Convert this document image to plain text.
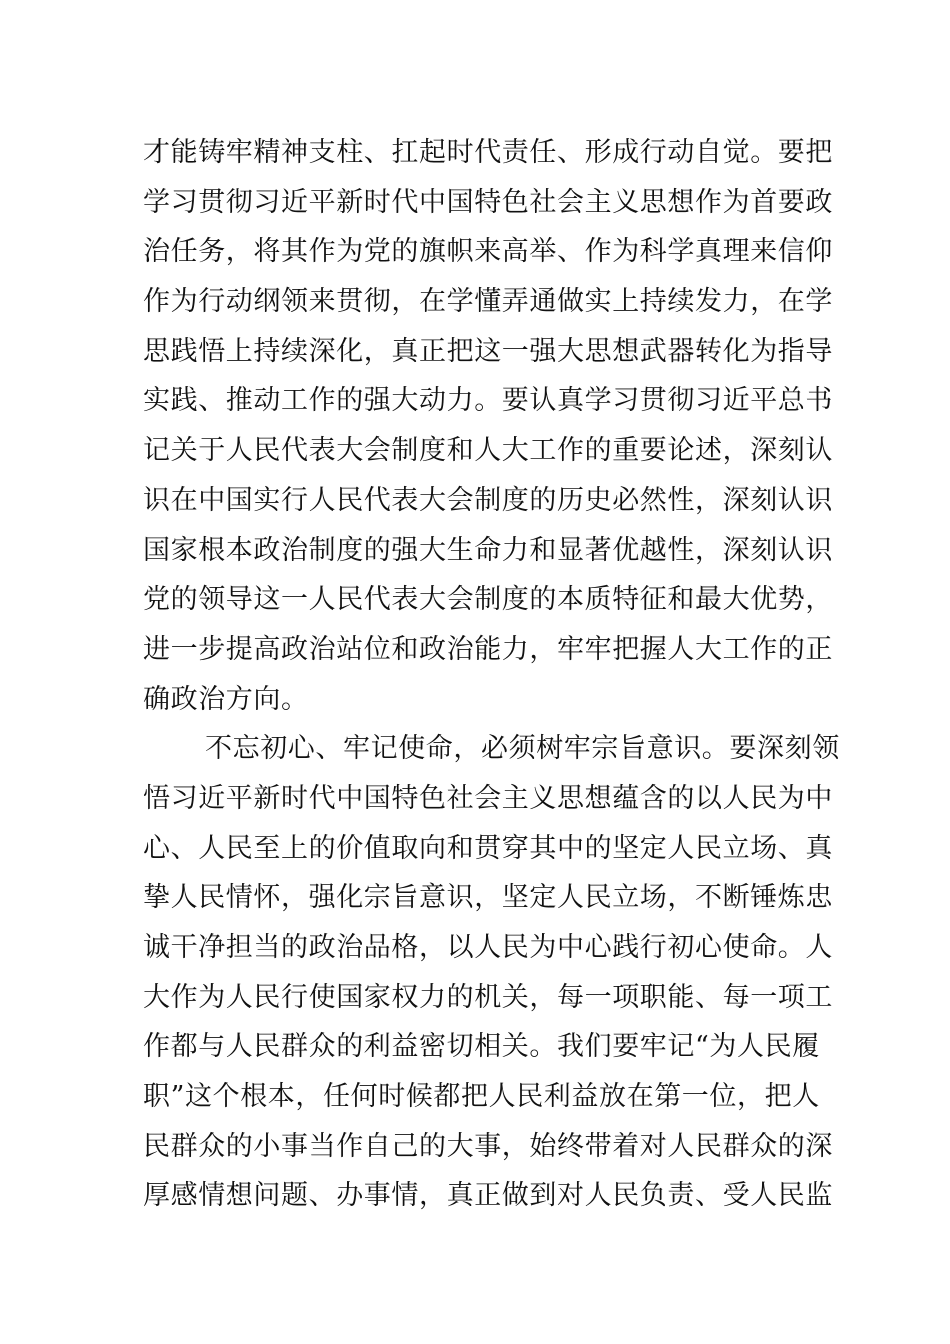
才能铸牢精神支柱、扛起时代责任、形成行动自觉。要把
学习贯彻习近平新时代中国特色社会主义思想作为首要政
治任务，将其作为党的旗帜来高举、作为科学真理来信仰
作为行动纲领来贯彻，在学懂弄通做实上持续发力，在学
思践悟上持续深化，真正把这一强大思想武器转化为指导
实践、推动工作的强大动力。要认真学习贯彻习近平总书
记关于人民代表大会制度和人大工作的重要论述，深刻认
识在中国实行人民代表大会制度的历史必然性，深刻认识
国家根本政治制度的强大生命力和显著优越性，深刻认识
党的领导这一人民代表大会制度的本质特征和最大优势，
进一步提高政治站位和政治能力，牢牢把握人大工作的正
确政治方向。
不忘初心、牢记使命，必须树牢宗旨意识。要深刻领
悟习近平新时代中国特色社会主义思想蕴含的以人民为中
心、人民至上的价值取向和贯穿其中的坚定人民立场、真
挚人民情怀，强化宗旨意识，坚定人民立场，不断锤炼忠
诚干净担当的政治品格，以人民为中心践行初心使命。人
大作为人民行使国家权力的机关，每一项职能、每一项工
作都与人民群众的利益密切相关。我们要牢记“为人民履
职”这个根本，任何时候都把人民利益放在第一位，把人
民群众的小事当作自己的大事，始终带着对人民群众的深
厚感情想问题、办事情，真正做到对人民负责、受人民监
